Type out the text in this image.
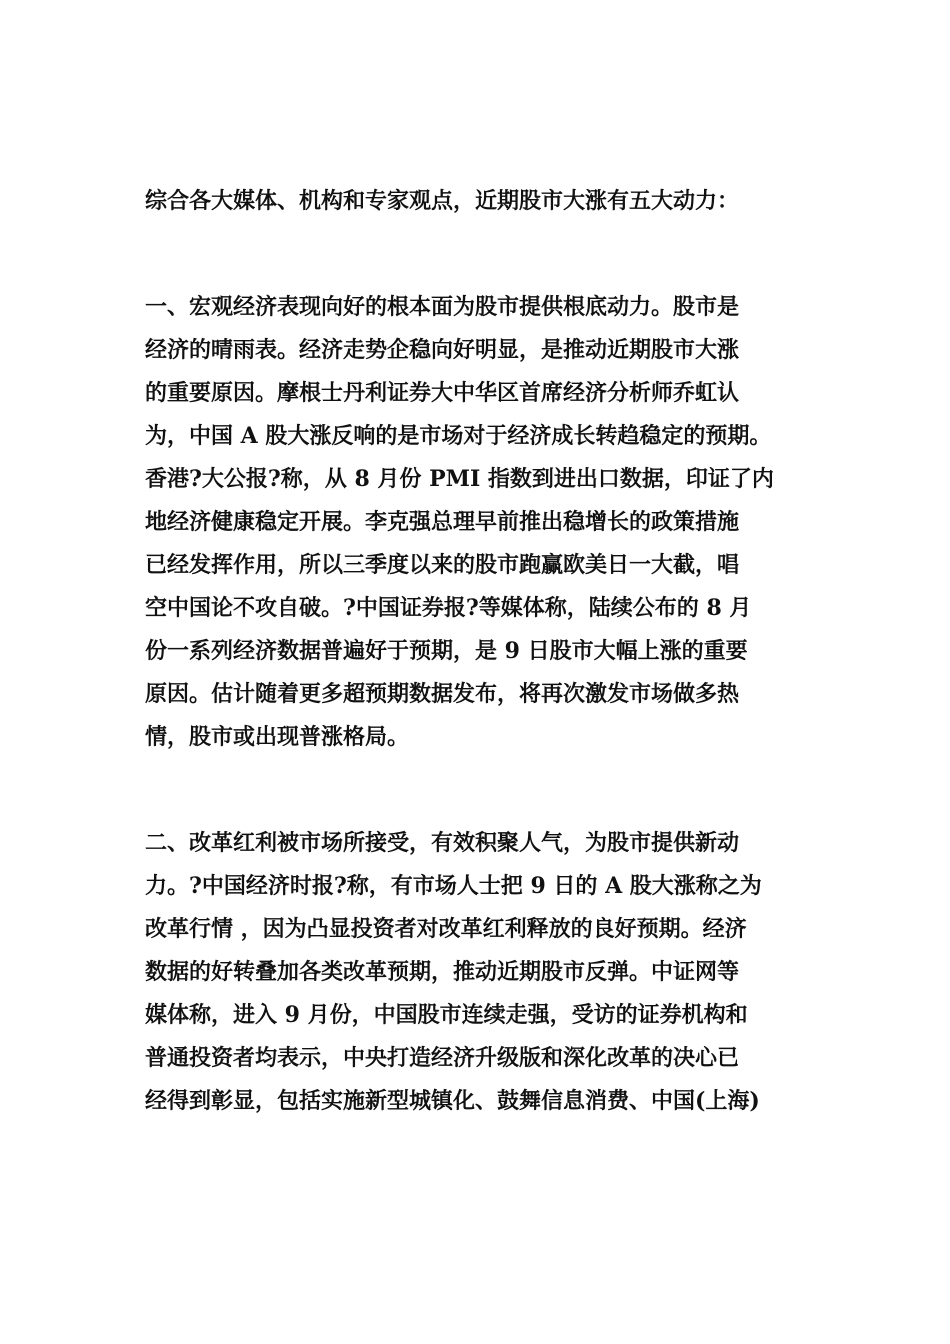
综合各大媒体、机构和专家观点，近期股市大涨有五大动力：
一、宏观经济表现向好的根本面为股市提供根底动力。股市是
经济的晴雨表。经济走势企稳向好明显，是推动近期股市大涨
的重要原因。摩根士丹利证券大中华区首席经济分析师乔虹认
为，中国 A 股大涨反响的是市场对于经济成长转趋稳定的预期。
香港?大公报?称，从 8 月份 PMI 指数到进出口数据，印证了内
地经济健康稳定开展。李克强总理早前推出稳增长的政策措施
已经发挥作用，所以三季度以来的股市跑赢欧美日一大截，唱
空中国论不攻自破。?中国证券报?等媒体称，陆续公布的 8 月
份一系列经济数据普遍好于预期，是 9 日股市大幅上涨的重要
原因。估计随着更多超预期数据发布，将再次激发市场做多热
情，股市或出现普涨格局。
二、改革红利被市场所接受，有效积聚人气，为股市提供新动
力。?中国经济时报?称，有市场人士把 9 日的 A 股大涨称之为
改革行情 ，因为凸显投资者对改革红利释放的良好预期。经济
数据的好转叠加各类改革预期，推动近期股市反弹。中证网等
媒体称，进入 9 月份，中国股市连续走强，受访的证券机构和
普通投资者均表示，中央打造经济升级版和深化改革的决心已
经得到彰显，包括实施新型城镇化、鼓舞信息消费、中国(上海)
